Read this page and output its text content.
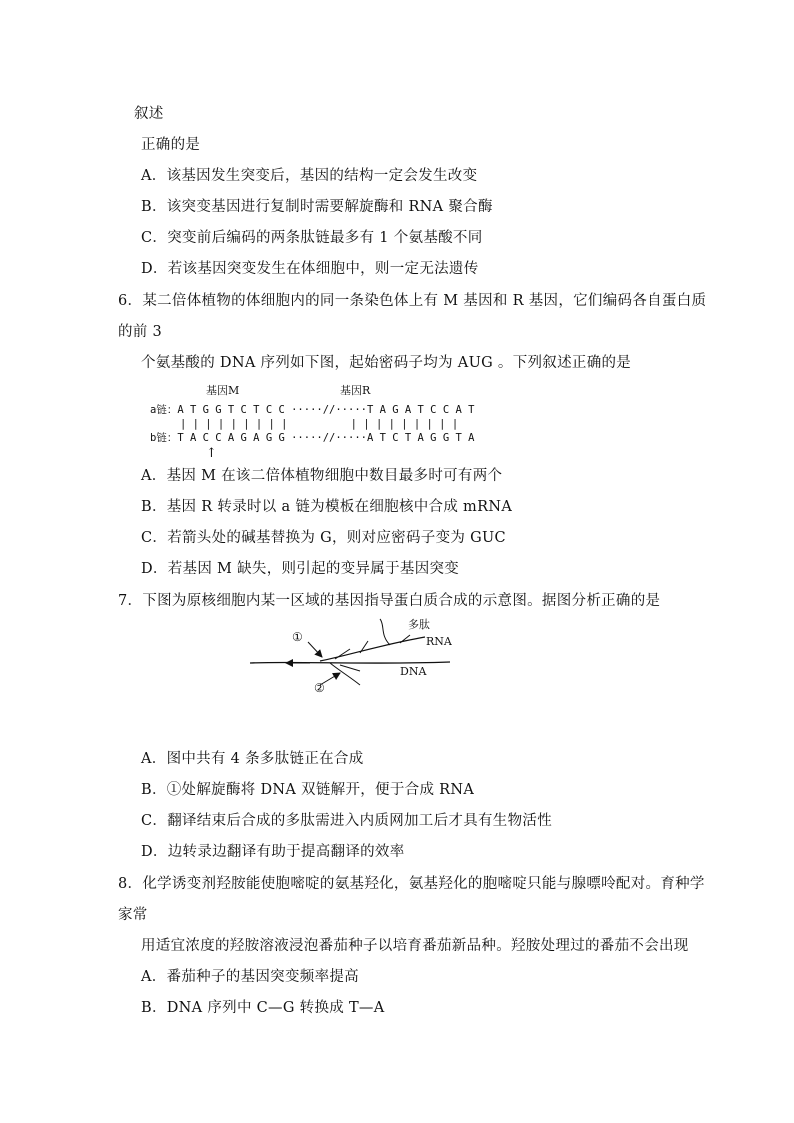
叙述
正确的是
A．该基因发生突变后，基因的结构一定会发生改变
B．该突变基因进行复制时需要解旋酶和 RNA 聚合酶
C．突变前后编码的两条肽链最多有 1 个氨基酸不同
D．若该基因突变发生在体细胞中，则一定无法遗传
6．某二倍体植物的体细胞内的同一条染色体上有 M 基因和 R 基因，它们编码各自蛋白质
的前 3
个氨基酸的 DNA 序列如下图，起始密码子均为 AUG 。下列叙述正确的是
基因M	基因R
a链：A T G G T C T C C ·····//·····T A G A T C C A T
| | | | | | | | |          | | | | | | | | |
b链：T A C C A G A G G ·····//·····A T C T A G G T A
↑
A．基因 M 在该二倍体植物细胞中数目最多时可有两个
B．基因 R 转录时以 a 链为模板在细胞核中合成 mRNA
C．若箭头处的碱基替换为 G，则对应密码子变为 GUC
D．若基因 M 缺失，则引起的变异属于基因突变
7．下图为原核细胞内某一区域的基因指导蛋白质合成的示意图。据图分析正确的是
①
②
多肽
RNA
DNA
A．图中共有 4 条多肽链正在合成
B．①处解旋酶将 DNA 双链解开，便于合成 RNA
C．翻译结束后合成的多肽需进入内质网加工后才具有生物活性
D．边转录边翻译有助于提高翻译的效率
8．化学诱变剂羟胺能使胞嘧啶的氨基羟化，氨基羟化的胞嘧啶只能与腺嘌呤配对。育种学
家常
用适宜浓度的羟胺溶液浸泡番茄种子以培育番茄新品种。羟胺处理过的番茄不会出现
A．番茄种子的基因突变频率提高
B．DNA 序列中 C—G 转换成 T—A
